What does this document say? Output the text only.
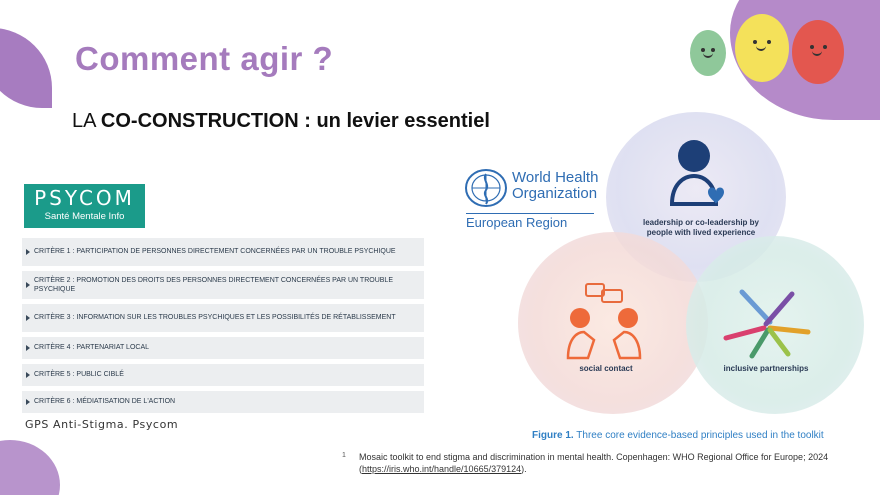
Comment agir ?
LA CO-CONSTRUCTION : un levier essentiel
PSYCOM
Santé Mentale Info
CRITÈRE 1 : PARTICIPATION DE PERSONNES DIRECTEMENT CONCERNÉES PAR UN TROUBLE PSYCHIQUE
CRITÈRE 2 : PROMOTION DES DROITS DES PERSONNES DIRECTEMENT CONCERNÉES PAR UN TROUBLE PSYCHIQUE
CRITÈRE 3 : INFORMATION SUR LES TROUBLES PSYCHIQUES ET LES POSSIBILITÉS DE RÉTABLISSEMENT
CRITÈRE 4 : PARTENARIAT LOCAL
CRITÈRE 5 : PUBLIC CIBLÉ
CRITÈRE 6 : MÉDIATISATION DE L'ACTION
GPS Anti-Stigma. Psycom
World Health
Organization
European Region	leadership or co-leadership by people with lived experience
social contact	inclusive partnerships
Figure 1. Three core evidence-based principles used in the toolkit
1 Mosaic toolkit to end stigma and discrimination in mental health. Copenhagen: WHO Regional Office for Europe; 2024 (https://iris.who.int/handle/10665/379124).
